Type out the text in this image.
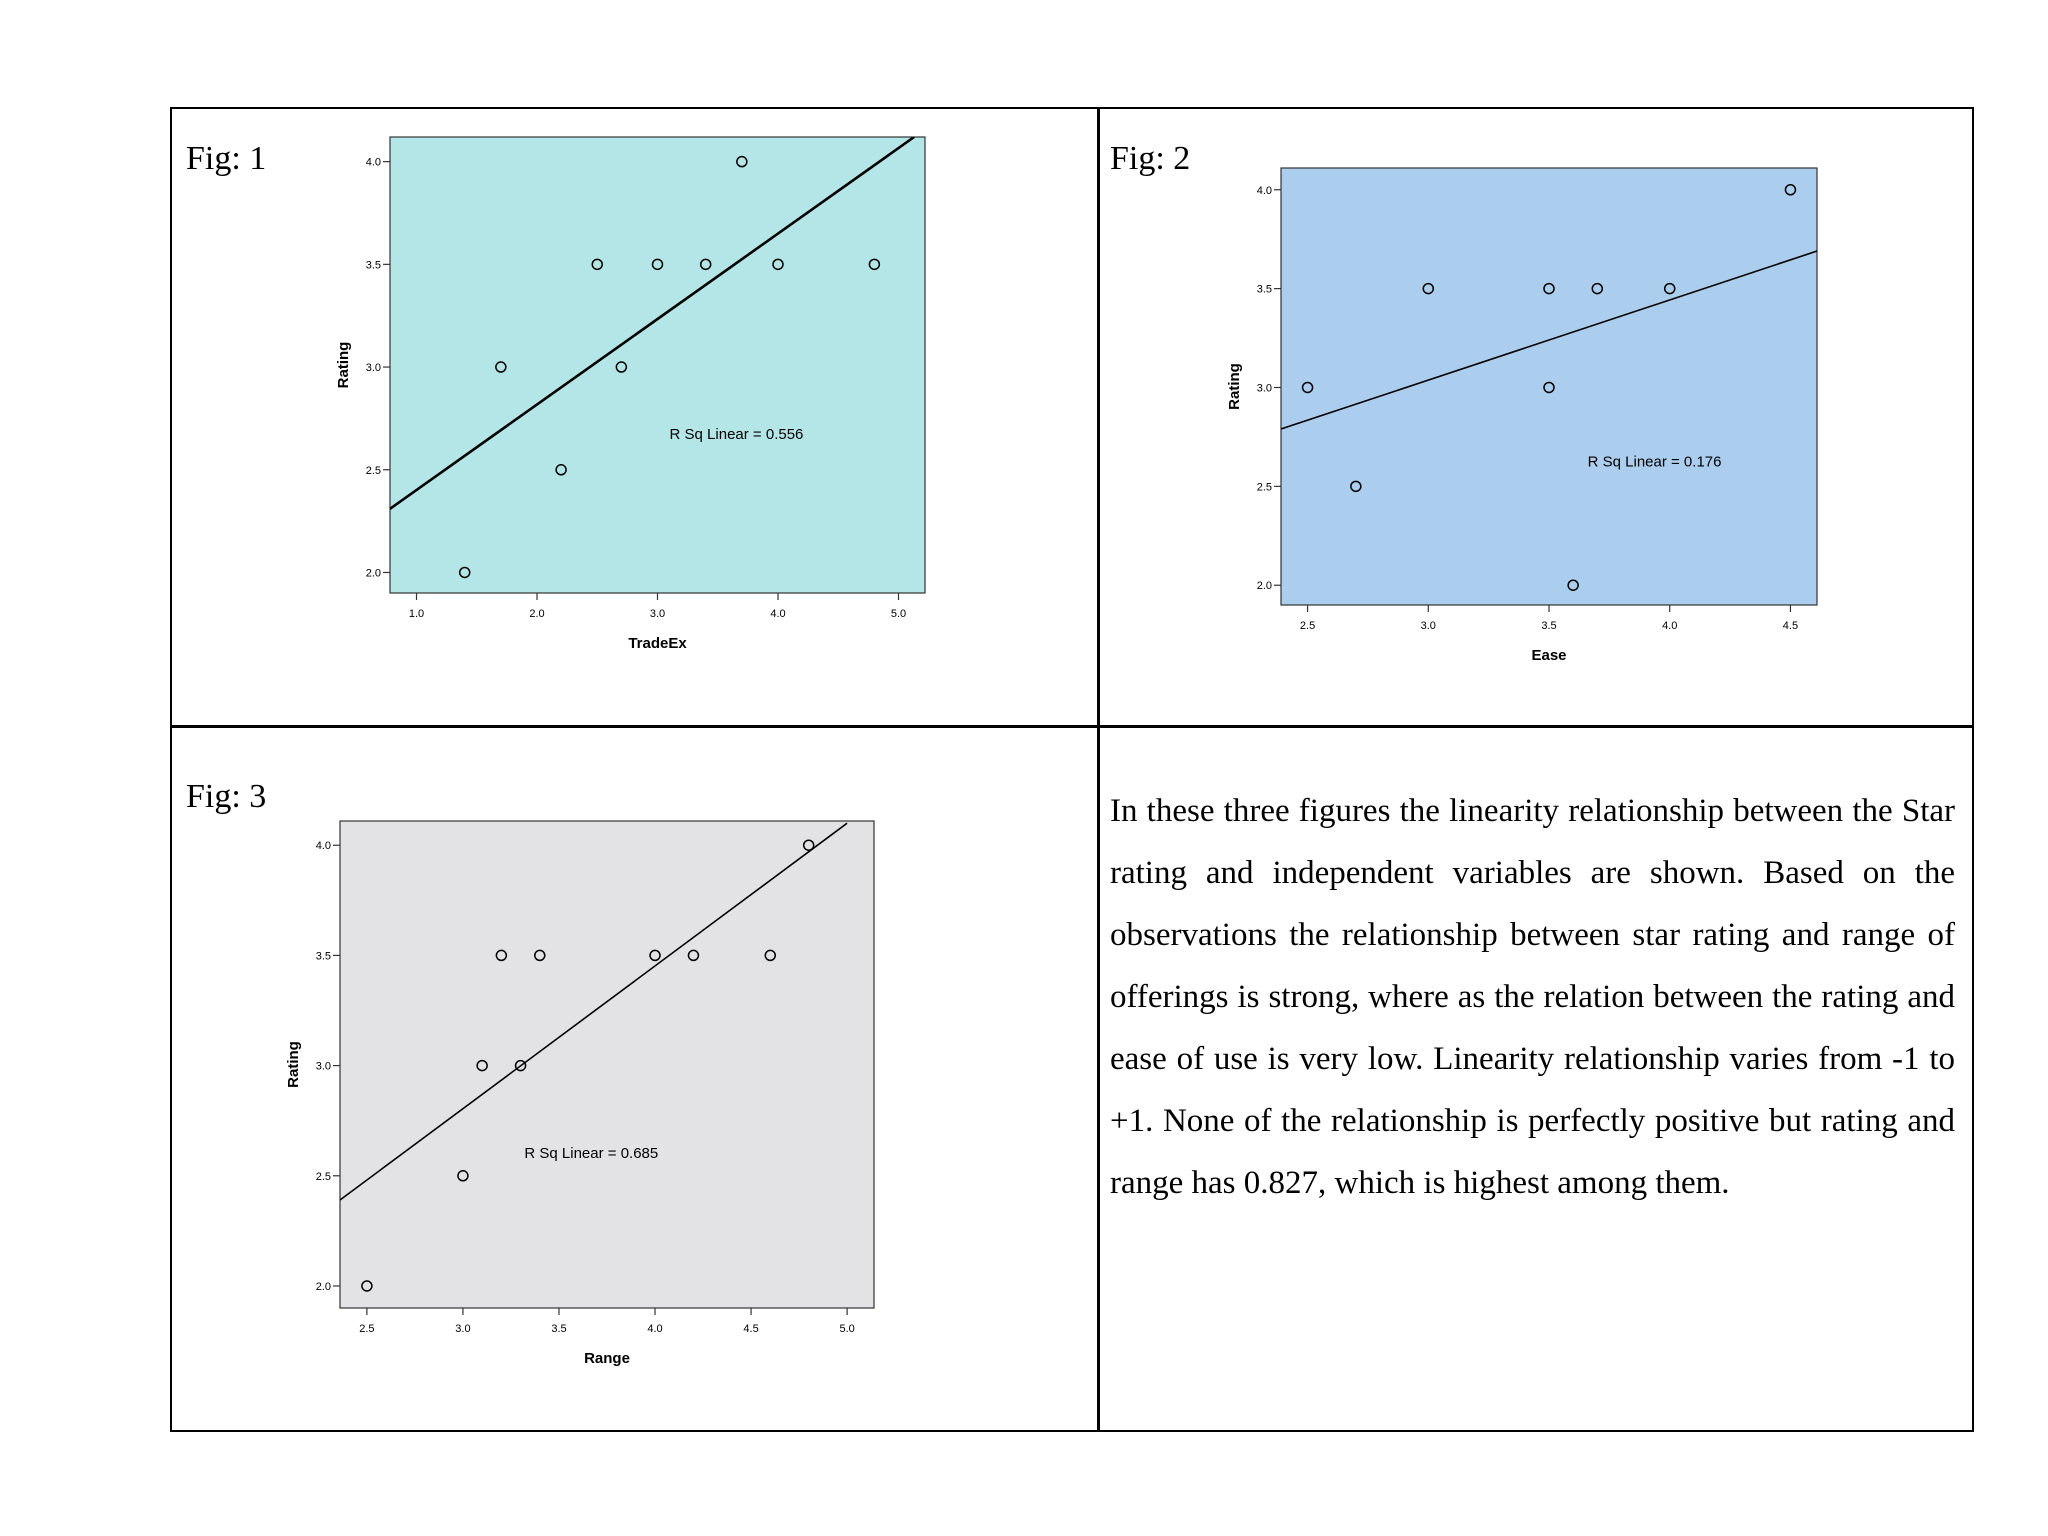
Fig: 1	Fig: 2
Fig: 3
2.0
2.5
3.0
3.5
4.0
1.0	2.0	3.0	4.0	5.0
TradeEx
Rating
R Sq Linear = 0.556
2.0
2.5
3.0
3.5
4.0
2.5	3.0	3.5	4.0	4.5
Ease
Rating
R Sq Linear = 0.176
2.0
2.5
3.0
3.5
4.0
2.5	3.0	3.5	4.0	4.5	5.0
Range
Rating
R Sq Linear = 0.685

In these three figures the linearity relationship between the Star rating and independent variables are shown. Based on the observations the relationship between star rating and range of offerings is strong, where as the relation between the rating and ease of use is very low. Linearity relationship varies from -1 to +1. None of the relationship is perfectly positive but rating and range has 0.827, which is highest among them.
